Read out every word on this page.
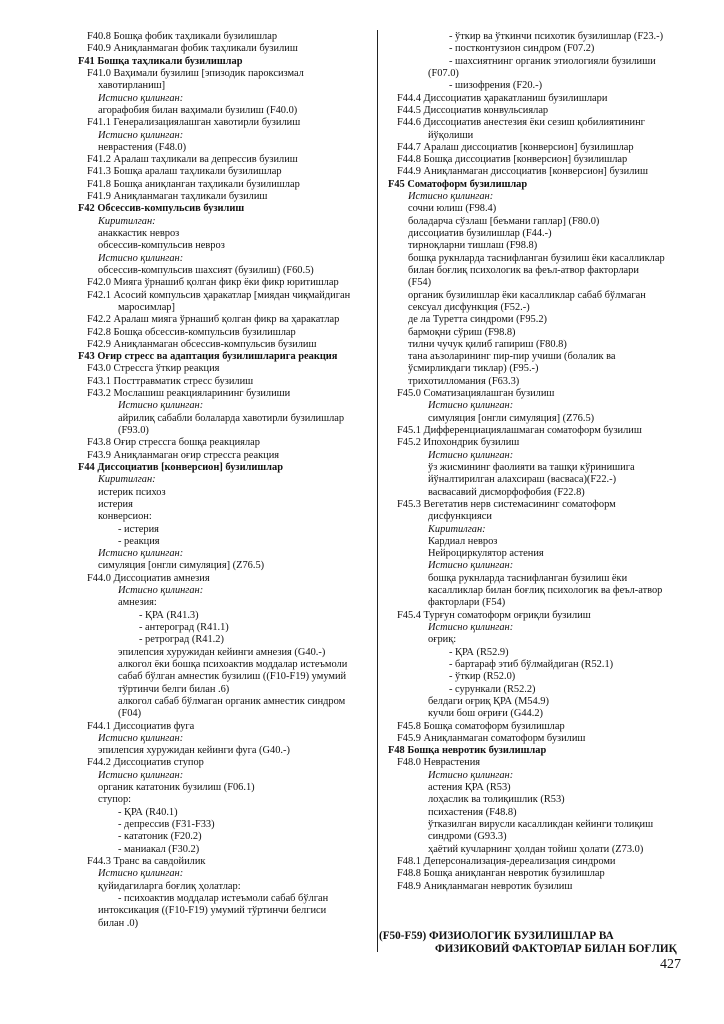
F40.8 Бошқа фобик таҳликали бузилишлар
F40.9 Аниқланмаган фобик таҳликали бузилиш
F41 Бошқа таҳликали бузилишлар
F41.0 Ваҳимали бузилиш [эпизодик пароксизмал
хавотирланиш]
Истисно қилинган:
агорафобия билан ваҳимали бузилиш (F40.0)
F41.1 Генерализациялашган хавотирли бузилиш
Истисно қилинган:
неврастения (F48.0)
F41.2 Аралаш таҳликали ва депрессив бузилиш
F41.3 Бошқа аралаш таҳликали бузилишлар
F41.8 Бошқа аниқланган таҳликали бузилишлар
F41.9 Аниқланмаган таҳликали бузилиш
F42 Обсессив-компульсив бузилиш
Киритилган:
анаккастик невроз
обсессив-компульсив невроз
Истисно қилинган:
обсессив-компульсив шахсият (бузилиш) (F60.5)
F42.0 Мияга ўрнашиб қолган фикр ёки фикр юритишлар
F42.1 Асосий компульсив ҳаракатлар [миядан чиқмайдиган
маросимлар]
F42.2 Аралаш мияга ўрнашиб қолган фикр ва ҳаракатлар
F42.8 Бошқа обсессив-компульсив бузилишлар
F42.9 Аниқланмаган обсессив-компульсив бузилиш
F43 Оғир стресс ва адаптация бузилишларига реакция
F43.0 Стрессга ўткир реакция
F43.1 Посттравматик стресс бузилиш
F43.2 Мослашиш реакцияларининг бузилиши
Истисно қилинган:
айрилиқ сабабли болаларда хавотирли бузилишлар
(F93.0)
F43.8 Оғир стрессга бошқа реакциялар
F43.9 Аниқланмаган оғир стрессга реакция
F44 Диссоциатив [конверсион] бузилишлар
Киритилган:
истерик психоз
истерия
конверсион:
- истерия
- реакция
Истисно қилинган:
симуляция [онгли симуляция] (Z76.5)
F44.0 Диссоциатив амнезия
Истисно қилинган:
амнезия:
- ҚРА (R41.3)
- антероград (R41.1)
- ретроград (R41.2)
эпилепсия хуружидан кейинги амнезия (G40.-)
алкогол ёки бошқа психоактив моддалар истеъмоли
сабаб бўлган амнестик бузилиш ((F10-F19) умумий
тўртинчи белги билан .6)
алкогол сабаб бўлмаган органик амнестик синдром
(F04)
F44.1 Диссоциатив фуга
Истисно қилинган:
эпилепсия хуружидан кейинги фуга (G40.-)
F44.2 Диссоциатив ступор
Истисно қилинган:
органик кататоник бузилиш (F06.1)
ступор:
- ҚРА (R40.1)
- депрессив (F31-F33)
- кататоник (F20.2)
- маниакал (F30.2)
F44.3 Транс ва савдойилик
Истисно қилинган:
қуйидагиларга боғлиқ ҳолатлар:
- психоактив моддалар истеъмоли сабаб бўлган
интоксикация ((F10-F19) умумий тўртинчи белгиси
билан .0)
- ўткир ва ўткинчи психотик бузилишлар (F23.-)
- постконтузион синдром (F07.2)
- шахсиятнинг органик этиологияли бузилиши
(F07.0)
- шизофрения (F20.-)
F44.4 Диссоциатив ҳаракатланиш бузилишлари
F44.5 Диссоциатив конвульсиялар
F44.6 Диссоциатив анестезия ёки сезиш қобилиятининг
йўқолиши
F44.7 Аралаш диссоциатив [конверсион] бузилишлар
F44.8 Бошқа диссоциатив [конверсион] бузилишлар
F44.9 Аниқланмаган диссоциатив [конверсион] бузилиш
F45 Соматоформ бузилишлар
Истисно қилинган:
сочни юлиш (F98.4)
боладарча сўзлаш [беъмани гаплар] (F80.0)
диссоциатив бузилишлар (F44.-)
тирноқларни тишлаш (F98.8)
бошқа рукнларда таснифланган бузилиш ёки касалликлар
билан боғлиқ психологик ва феъл-атвор факторлари
(F54)
органик бузилишлар ёки касалликлар сабаб бўлмаган
сексуал дисфункция (F52.-)
де ла Туретта синдроми (F95.2)
бармоқни сўриш (F98.8)
тилни чучук қилиб гапириш (F80.8)
тана аъзоларининг пир-пир учиши (болалик ва
ўсмирликдаги тиклар) (F95.-)
трихотилломания (F63.3)
F45.0 Соматизациялашган бузилиш
Истисно қилинган:
симуляция [онгли симуляция] (Z76.5)
F45.1 Дифференциациялашмаган соматоформ бузилиш
F45.2 Ипохондрик бузилиш
Истисно қилинган:
ўз жисмининг фаолияти ва ташқи кўринишига
йўналтирилган алахсираш (васваса)(F22.-)
васвасавий дисморфофобия (F22.8)
F45.3 Вегетатив нерв системасининг соматоформ
дисфункцияси
Киритилган:
Кардиал невроз
Нейроциркулятор астения
Истисно қилинган:
бошқа рукнларда таснифланган бузилиш ёки
касалликлар билан боғлиқ психологик ва феъл-атвор
факторлари (F54)
F45.4 Турғун соматоформ оғриқли бузилиш
Истисно қилинган:
оғриқ:
- ҚРА (R52.9)
- бартараф этиб бўлмайдиган (R52.1)
- ўткир (R52.0)
- сурункали (R52.2)
белдаги оғриқ ҚРА (M54.9)
кучли бош оғриғи (G44.2)
F45.8 Бошқа соматоформ бузилишлар
F45.9 Аниқланмаган соматоформ бузилиш
F48 Бошқа невротик бузилишлар
F48.0 Неврастения
Истисно қилинган:
астения ҚРА (R53)
лоҳаслик ва толиқишлик (R53)
психастения (F48.8)
ўтказилган вирусли касалликдан кейинги толиқиш
синдроми (G93.3)
ҳаётий кучларнинг ҳолдан тойиш ҳолати (Z73.0)
F48.1 Деперсонализация-дереализация синдроми
F48.8 Бошқа аниқланган невротик бузилишлар
F48.9 Аниқланмаган невротик бузилиш
(F50-F59) ФИЗИОЛОГИК БУЗИЛИШЛАР ВА
ФИЗИКОВИЙ ФАКТОРЛАР БИЛАН БОҒЛИҚ
427
